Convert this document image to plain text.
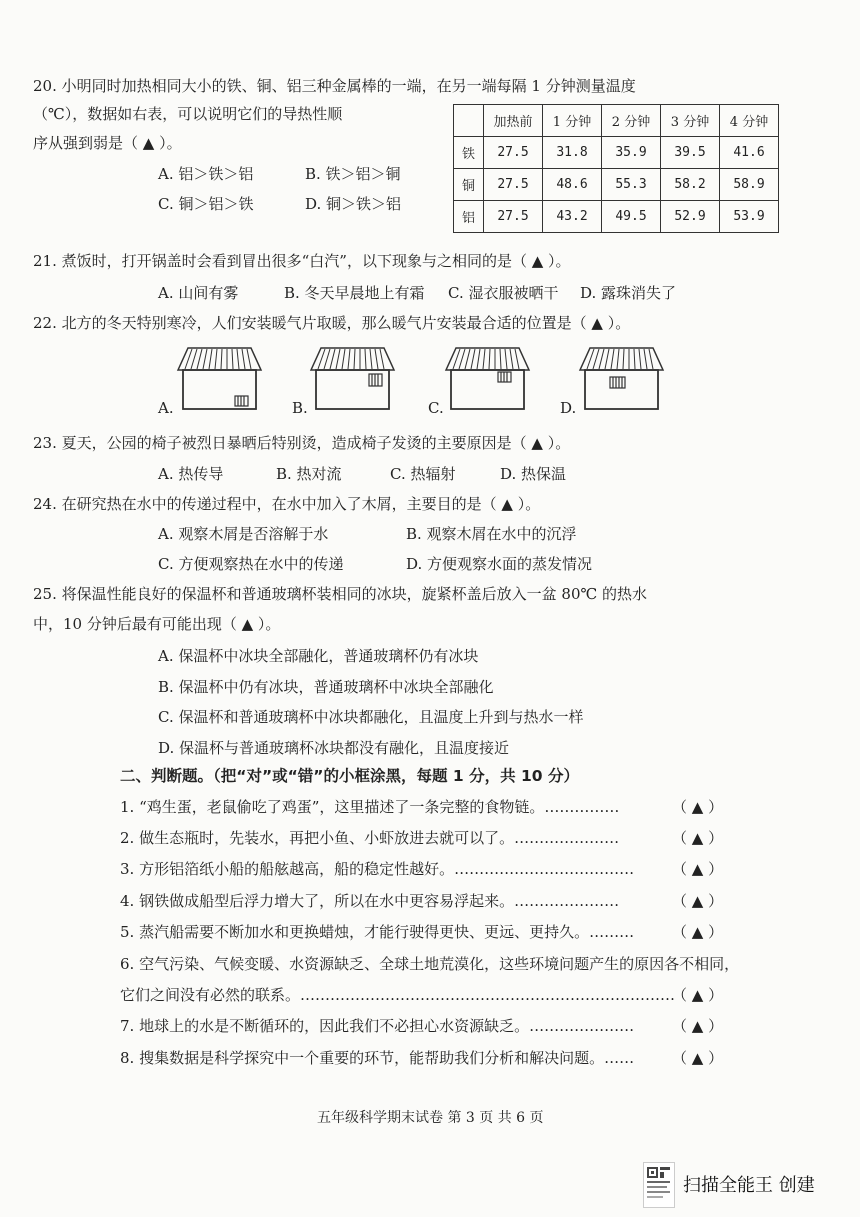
20. 小明同时加热相同大小的铁、铜、铝三种金属棒的一端，在另一端每隔 1 分钟测量温度
（℃），数据如右表，可以说明它们的导热性顺
序从强到弱是（ ▲ ）。
A. 铝＞铁＞铝	B. 铁＞铝＞铜
C. 铜＞铝＞铁	D. 铜＞铁＞铝
	加热前	1 分钟	2 分钟	3 分钟	4 分钟
铁	27.5	31.8	35.9	39.5	41.6
铜	27.5	48.6	55.3	58.2	58.9
铝	27.5	43.2	49.5	52.9	53.9
21. 煮饭时，打开锅盖时会看到冒出很多“白汽”，以下现象与之相同的是（ ▲ ）。
A. 山间有雾	B. 冬天早晨地上有霜 C. 湿衣服被晒干 D. 露珠消失了
22. 北方的冬天特别寒冷，人们安装暖气片取暖，那么暖气片安装最合适的位置是（ ▲ ）。
A.	B.	C.	D.
23. 夏天，公园的椅子被烈日暴晒后特别烫，造成椅子发烫的主要原因是（ ▲ ）。
A. 热传导	B. 热对流	C. 热辐射	D. 热保温
24. 在研究热在水中的传递过程中，在水中加入了木屑，主要目的是（ ▲ ）。
A. 观察木屑是否溶解于水	B. 观察木屑在水中的沉浮
C. 方便观察热在水中的传递	D. 方便观察水面的蒸发情况
25. 将保温性能良好的保温杯和普通玻璃杯装相同的冰块，旋紧杯盖后放入一盆 80℃ 的热水
中，10 分钟后最有可能出现（ ▲ ）。
A. 保温杯中冰块全部融化，普通玻璃杯仍有冰块
B. 保温杯中仍有冰块，普通玻璃杯中冰块全部融化
C. 保温杯和普通玻璃杯中冰块都融化，且温度上升到与热水一样
D. 保温杯与普通玻璃杯冰块都没有融化，且温度接近
二、判断题。（把“对”或“错”的小框涂黑，每题 1 分，共 10 分）
1. “鸡生蛋，老鼠偷吃了鸡蛋”，这里描述了一条完整的食物链。……………	（ ▲ ）
2. 做生态瓶时，先装水，再把小鱼、小虾放进去就可以了。…………………	（ ▲ ）
3. 方形铝箔纸小船的船舷越高，船的稳定性越好。………………………………	（ ▲ ）
4. 钢铁做成船型后浮力增大了，所以在水中更容易浮起来。…………………	（ ▲ ）
5. 蒸汽船需要不断加水和更换蜡烛，才能行驶得更快、更远、更持久。………	（ ▲ ）
6. 空气污染、气候变暖、水资源缺乏、全球土地荒漠化，这些环境问题产生的原因各不相同，
它们之间没有必然的联系。…………………………………………………………………
（ ▲ ）
7. 地球上的水是不断循环的，因此我们不必担心水资源缺乏。…………………	（ ▲ ）
8. 搜集数据是科学探究中一个重要的环节，能帮助我们分析和解决问题。……	（ ▲ ）
五年级科学期末试卷 第 3 页 共 6 页
扫描全能王 创建
